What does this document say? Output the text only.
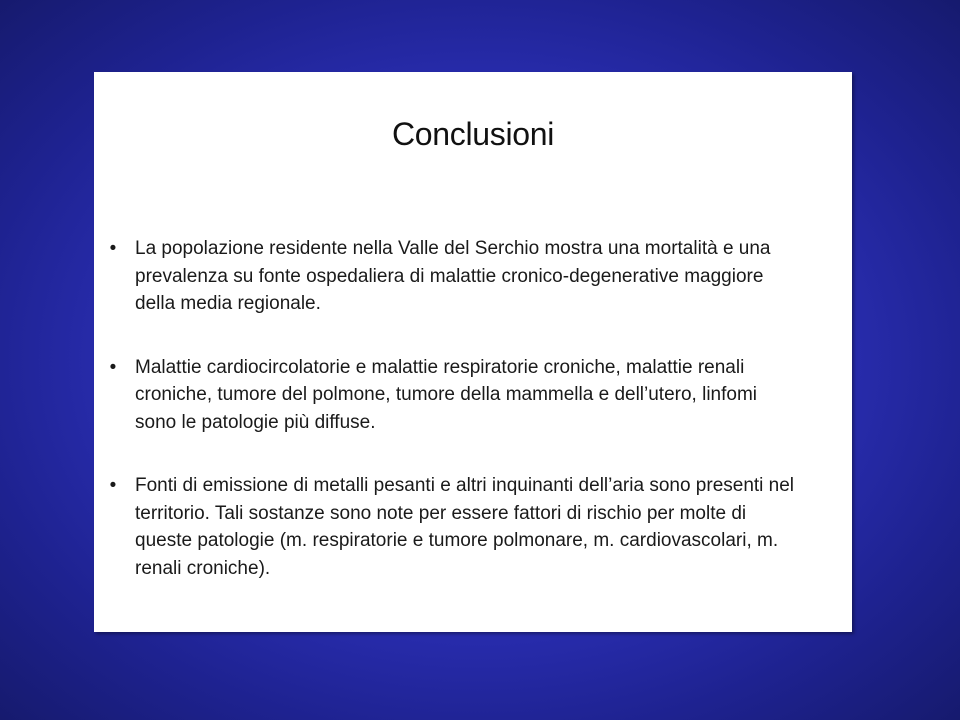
Conclusioni
• La popolazione residente nella Valle del Serchio mostra una mortalità e una prevalenza su fonte ospedaliera di malattie cronico-degenerative maggiore della media regionale.
• Malattie cardiocircolatorie e malattie respiratorie croniche, malattie renali croniche, tumore del polmone, tumore della mammella e dell’utero, linfomi sono le patologie più diffuse.
• Fonti di emissione di metalli pesanti e altri inquinanti dell’aria sono presenti nel territorio. Tali sostanze sono note per essere fattori di rischio per molte di queste patologie (m. respiratorie e tumore polmonare, m. cardiovascolari, m. renali croniche).
